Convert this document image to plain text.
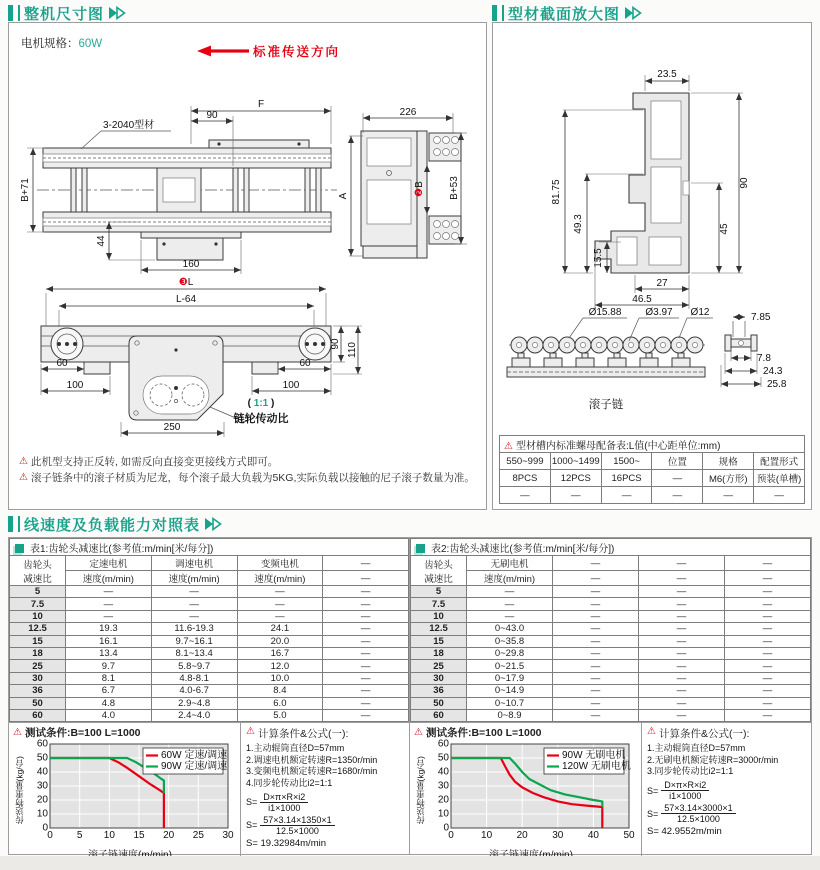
整机尺寸图	型材截面放大图
线速度及负载能力对照表
电机规格：60W
标准传送方向
F
90
3-2040型材
B+71
44
160
226
A	❷B B+53
❸L
L-64
90 110
60
100
60
100
250
( 1:1 )
链轮传动比
⚠ 此机型支持正反转, 如需反向直接变更接线方式即可。
⚠ 滚子链条中的滚子材质为尼龙，每个滚子最大负载为5KG,实际负载以接触的尼子滚子数量为准。
23.5
90
45
81.75
49.3
15.5
27
46.5
Ø15.88 Ø3.97 Ø12
滚子链
7.85
7.8
24.3
25.8
⚠ 型材槽内标准螺母配备表:L值(中心距单位:mm)					
550~999	1000~1499	1500~	位置	规格	配置形式
8PCS	12PCS	16PCS	—	M6(方形)	预装(单槽)
—	—	—	—	—	—
表1:齿轮头减速比(参考值:m/min[米/每分])				

齿轮头
减速比	定速电机	调速电机	变频电机	—
	速度(m/min)	速度(m/min)	速度(m/min)	—
5	—	—	—	—
7.5	—	—	—	—
10	—	—	—	—
12.5	19.3	11.6-19.3	24.1	—
15	16.1	9.7~16.1	20.0	—
18	13.4	8.1~13.4	16.7	—
25	9.7	5.8~9.7	12.0	—
30	8.1	4.8-8.1	10.0	—
36	6.7	4.0-6.7	8.4	—
50	4.8	2.9~4.8	6.0	—
60	4.0	2.4~4.0	5.0	—
⚠ 测试条件:B=100 L=1000
传送物重量(kg/台)
0 5 10 15 20 25 30
0
10
20
30
40
50
60
60W 定速/调速
90W 定速/调速
⚠ 计算条件&公式(一):
1.主动辊筒直径D=57mm
2.调速电机额定转速R=1350r/min
3.变频电机额定转速R=1680r/min
4.同步轮传动比i2=1:1
$S= \frac{D\times\pi\times R\times i2}{i1\times 1000}$
$S= \frac{57\times 3.14\times 1350\times 1}{12.5\times 1000}$
S= 19.32984m/min
表2:齿轮头减速比(参考值:m/min[米/每分])				

齿轮头
减速比	无刷电机	—	—	—
	速度(m/min)	—	—	—
5	—	—	—	—
7.5	—	—	—	—
10	—	—	—	—
12.5	0~43.0	—	—	—
15	0~35.8	—	—	—
18	0~29.8	—	—	—
25	0~21.5	—	—	—
30	0~17.9	—	—	—
36	0~14.9	—	—	—
50	0~10.7	—	—	—
60	0~8.9	—	—	—
⚠ 测试条件:B=100 L=1000
传送物重量(kg/台)
0	10 20 30 40 50
0
10
20
30
40
50
60
90W 无刷电机
120W 无刷电机
⚠ 计算条件&公式(一):
1.主动辊筒直径D=57mm
2.无刷电机额定转速R=3000r/min
3.同步轮传动比i2=1:1
$S= \frac{D\times\pi\times R\times i2}{i1\times 1000}$
$S= \frac{57\times 3.14\times 3000\times 1}{12.5\times 1000}$
S= 42.9552m/min
